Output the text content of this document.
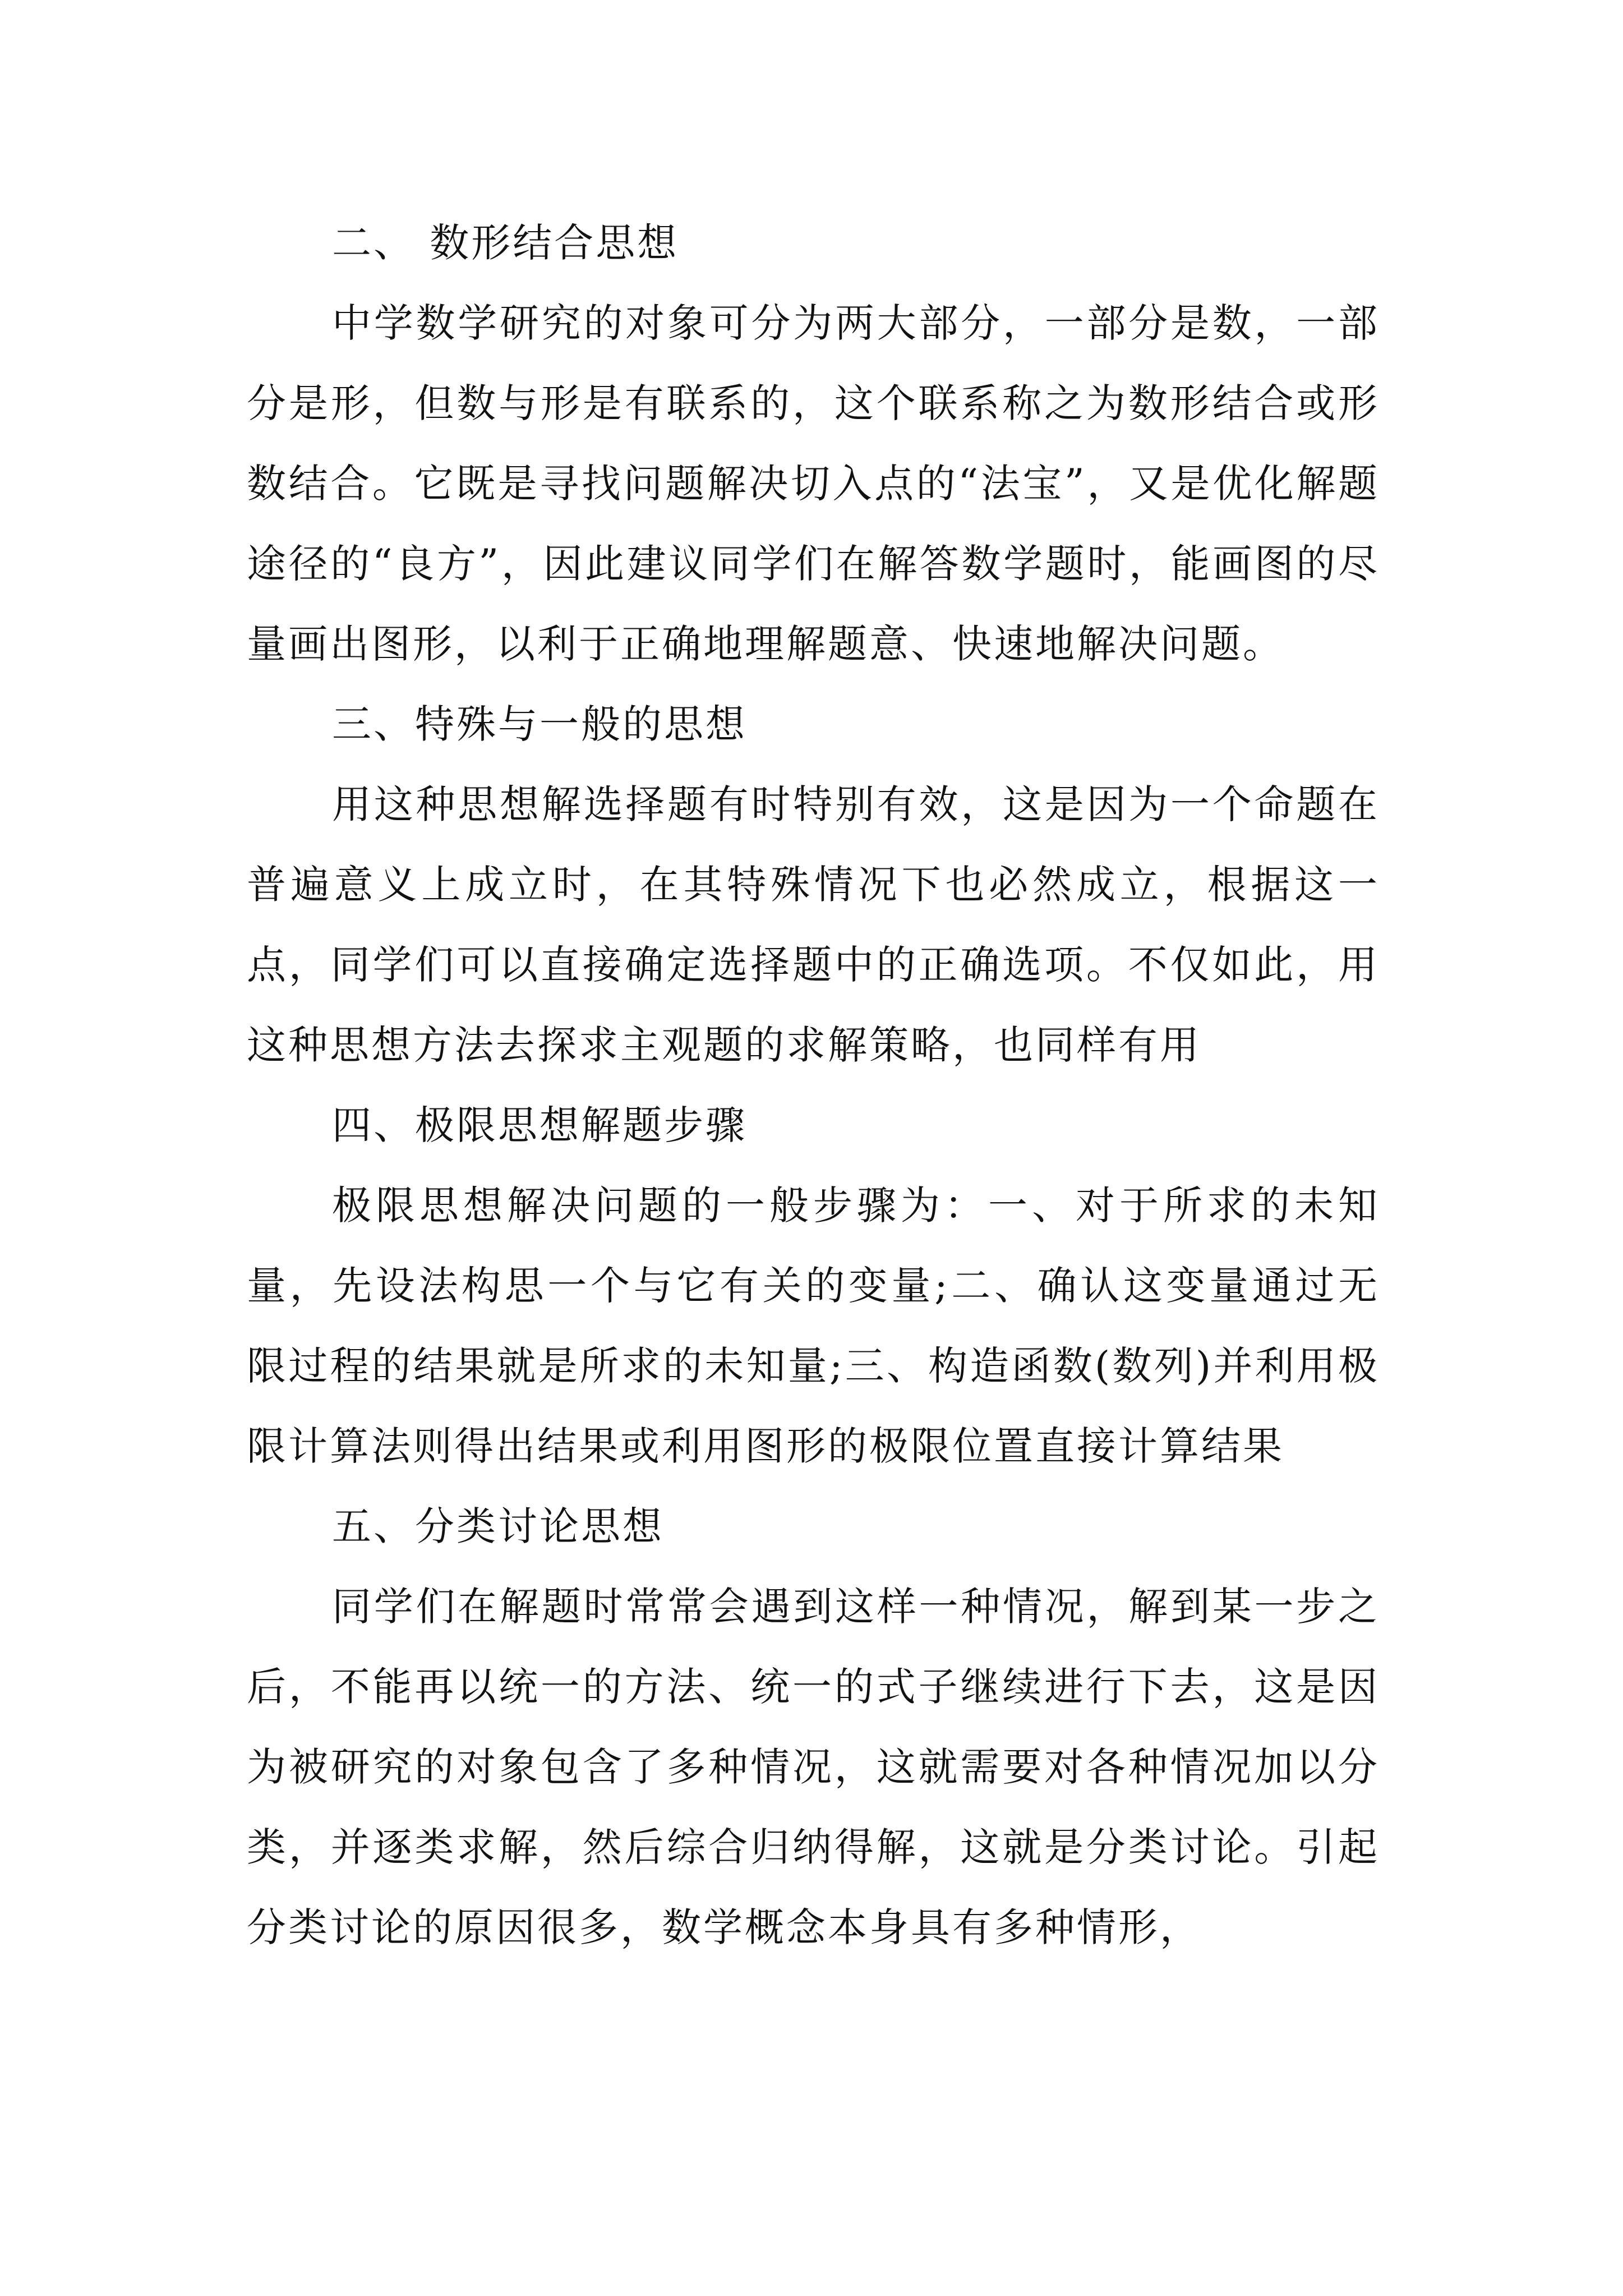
二、 数形结合思想

中学数学研究的对象可分为两大部分，一部分是数，一部分是形，但数与形是有联系的，这个联系称之为数形结合或形数结合。它既是寻找问题解决切入点的“法宝”，又是优化解题途径的“良方”，因此建议同学们在解答数学题时，能画图的尽量画出图形，以利于正确地理解题意、快速地解决问题。

三、特殊与一般的思想

用这种思想解选择题有时特别有效，这是因为一个命题在普遍意义上成立时，在其特殊情况下也必然成立，根据这一点，同学们可以直接确定选择题中的正确选项。不仅如此，用这种思想方法去探求主观题的求解策略，也同样有用

四、极限思想解题步骤

极限思想解决问题的一般步骤为：一、对于所求的未知量，先设法构思一个与它有关的变量;二、确认这变量通过无限过程的结果就是所求的未知量;三、构造函数(数列)并利用极限计算法则得出结果或利用图形的极限位置直接计算结果

五、分类讨论思想

同学们在解题时常常会遇到这样一种情况，解到某一步之后，不能再以统一的方法、统一的式子继续进行下去，这是因为被研究的对象包含了多种情况，这就需要对各种情况加以分类，并逐类求解，然后综合归纳得解，这就是分类讨论。引起分类讨论的原因很多，数学概念本身具有多种情形，
